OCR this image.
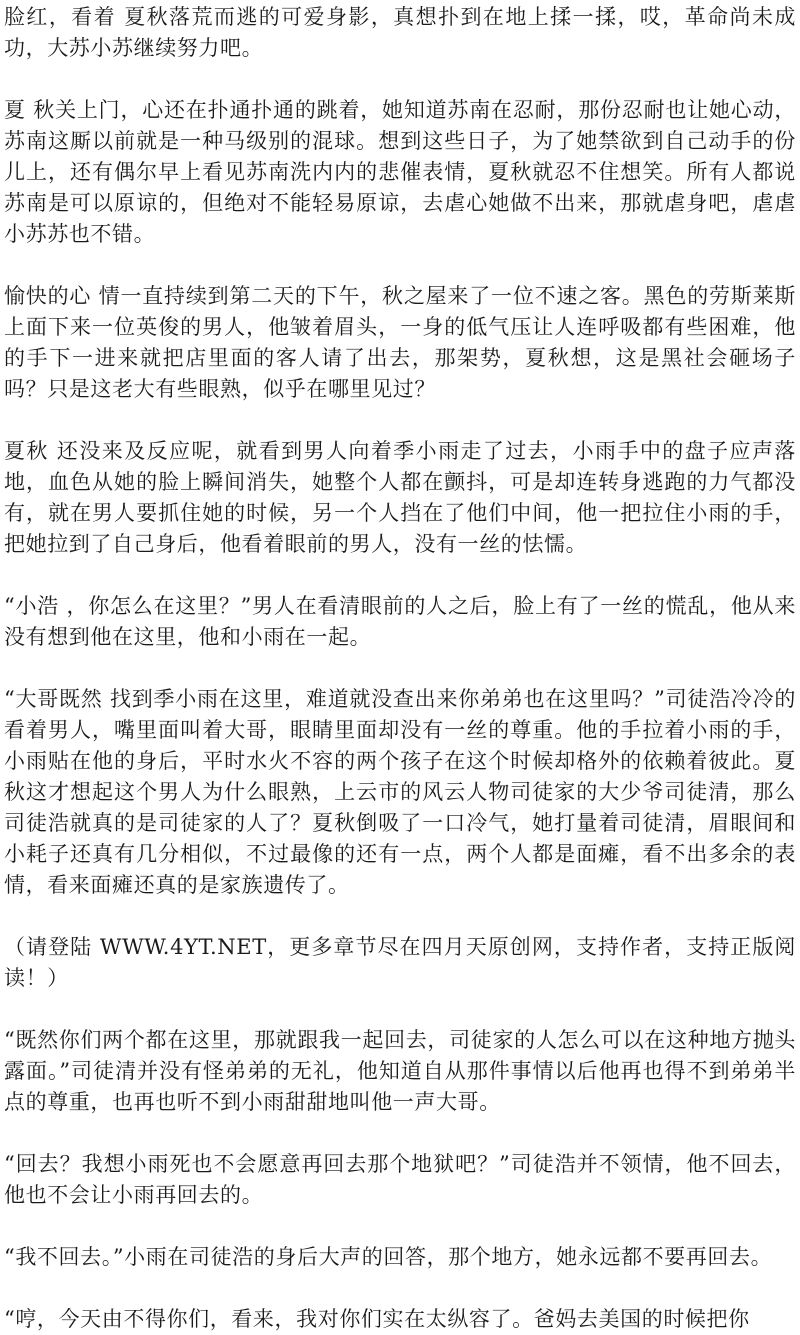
脸红，看着 夏秋落荒而逃的可爱身影，真想扑到在地上揉一揉，哎，革命尚未成功，大苏小苏继续努力吧。

夏 秋关上门，心还在扑通扑通的跳着，她知道苏南在忍耐，那份忍耐也让她心动，苏南这厮以前就是一种马级别的混球。想到这些日子，为了她禁欲到自己动手的份儿上，还有偶尔早上看见苏南洗内内的悲催表情，夏秋就忍不住想笑。所有人都说苏南是可以原谅的，但绝对不能轻易原谅，去虐心她做不出来，那就虐身吧，虐虐小苏苏也不错。

愉快的心 情一直持续到第二天的下午，秋之屋来了一位不速之客。黑色的劳斯莱斯上面下来一位英俊的男人，他皱着眉头，一身的低气压让人连呼吸都有些困难，他的手下一进来就把店里面的客人请了出去，那架势，夏秋想，这是黑社会砸场子吗？只是这老大有些眼熟，似乎在哪里见过？

夏秋 还没来及反应呢，就看到男人向着季小雨走了过去，小雨手中的盘子应声落地，血色从她的脸上瞬间消失，她整个人都在颤抖，可是却连转身逃跑的力气都没有，就在男人要抓住她的时候，另一个人挡在了他们中间，他一把拉住小雨的手，把她拉到了自己身后，他看着眼前的男人，没有一丝的怯懦。

“小浩 ，你怎么在这里？”男人在看清眼前的人之后，脸上有了一丝的慌乱，他从来没有想到他在这里，他和小雨在一起。

“大哥既然 找到季小雨在这里，难道就没查出来你弟弟也在这里吗？”司徒浩冷冷的看着男人，嘴里面叫着大哥，眼睛里面却没有一丝的尊重。他的手拉着小雨的手，小雨贴在他的身后，平时水火不容的两个孩子在这个时候却格外的依赖着彼此。夏秋这才想起这个男人为什么眼熟，上云市的风云人物司徒家的大少爷司徒清，那么司徒浩就真的是司徒家的人了？夏秋倒吸了一口冷气，她打量着司徒清，眉眼间和小耗子还真有几分相似，不过最像的还有一点，两个人都是面瘫，看不出多余的表情，看来面瘫还真的是家族遗传了。

（请登陆 WWW.4YT.NET，更多章节尽在四月天原创网，支持作者，支持正版阅读！）

“既然你们两个都在这里，那就跟我一起回去，司徒家的人怎么可以在这种地方抛头露面。”司徒清并没有怪弟弟的无礼，他知道自从那件事情以后他再也得不到弟弟半点的尊重，也再也听不到小雨甜甜地叫他一声大哥。

“回去？我想小雨死也不会愿意再回去那个地狱吧？”司徒浩并不领情，他不回去，他也不会让小雨再回去的。

“我不回去。”小雨在司徒浩的身后大声的回答，那个地方，她永远都不要再回去。

“哼，今天由不得你们，看来，我对你们实在太纵容了。爸妈去美国的时候把你
